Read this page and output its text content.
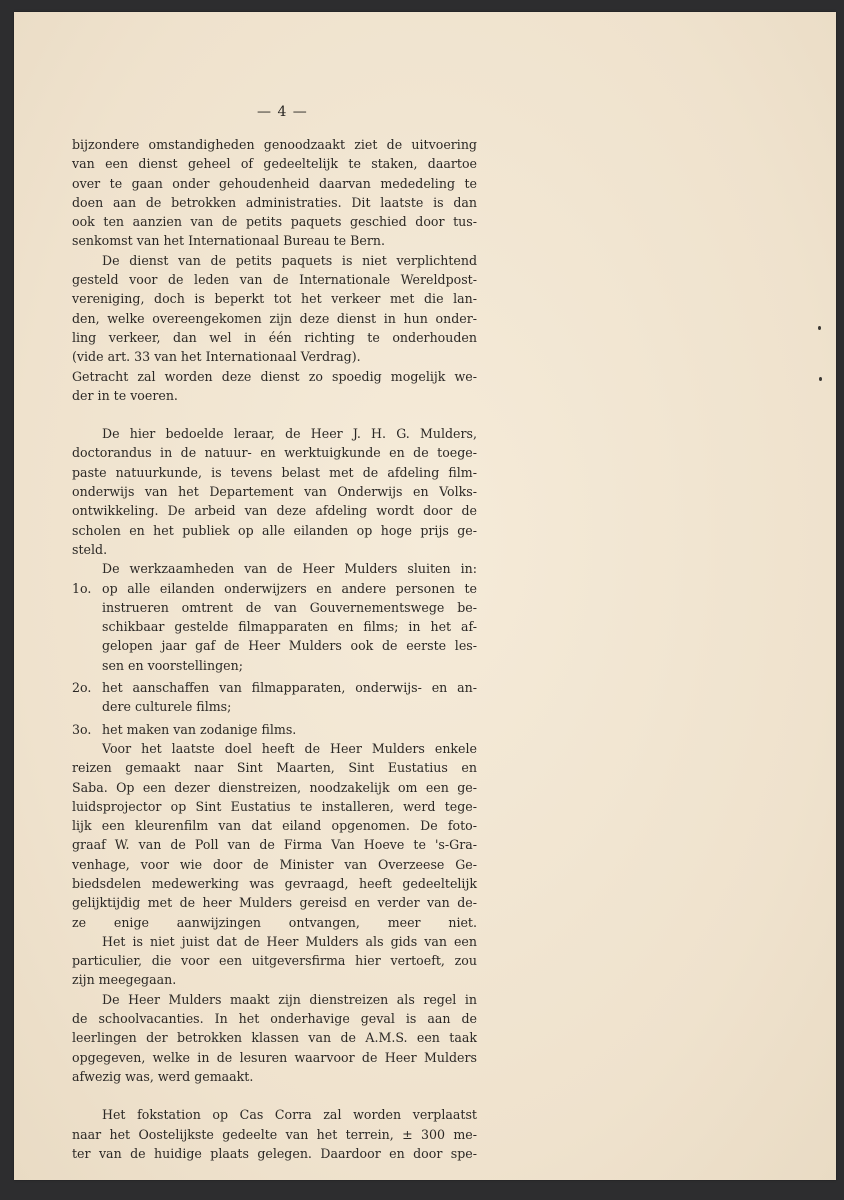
— 4 —
bijzondere omstandigheden genoodzaakt ziet de uitvoering
van een dienst geheel of gedeeltelijk te staken, daartoe
over te gaan onder gehoudenheid daarvan mededeling te
doen aan de betrokken administraties. Dit laatste is dan
ook ten aanzien van de petits paquets geschied door tus-
senkomst van het Internationaal Bureau te Bern.
De dienst van de petits paquets is niet verplichtend
gesteld voor de leden van de Internationale Wereldpost-
vereniging, doch is beperkt tot het verkeer met die lan-
den, welke overeengekomen zijn deze dienst in hun onder-
ling verkeer, dan wel in één richting te onderhouden
(vide art. 33 van het Internationaal Verdrag).
Getracht zal worden deze dienst zo spoedig mogelijk we-
der in te voeren.
De hier bedoelde leraar, de Heer J. H. G. Mulders,
doctorandus in de natuur- en werktuigkunde en de toege-
paste natuurkunde, is tevens belast met de afdeling film-
onderwijs van het Departement van Onderwijs en Volks-
ontwikkeling. De arbeid van deze afdeling wordt door de
scholen en het publiek op alle eilanden op hoge prijs ge-
steld.
De werkzaamheden van de Heer Mulders sluiten in:
1o. op alle eilanden onderwijzers en andere personen te
instrueren omtrent de van Gouvernementswege be-
schikbaar gestelde filmapparaten en films; in het af-
gelopen jaar gaf de Heer Mulders ook de eerste les-
sen en voorstellingen;
2o. het aanschaffen van filmapparaten, onderwijs- en an-
dere culturele films;
3o. het maken van zodanige films.
Voor het laatste doel heeft de Heer Mulders enkele
reizen gemaakt naar Sint Maarten, Sint Eustatius en
Saba. Op een dezer dienstreizen, noodzakelijk om een ge-
luidsprojector op Sint Eustatius te installeren, werd tege-
lijk een kleurenfilm van dat eiland opgenomen. De foto-
graaf W. van de Poll van de Firma Van Hoeve te 's-Gra-
venhage, voor wie door de Minister van Overzeese Ge-
biedsdelen medewerking was gevraagd, heeft gedeeltelijk
gelijktijdig met de heer Mulders gereisd en verder van de-
ze enige aanwijzingen ontvangen, meer niet.
Het is niet juist dat de Heer Mulders als gids van een
particulier, die voor een uitgeversfirma hier vertoeft, zou
zijn meegegaan.
De Heer Mulders maakt zijn dienstreizen als regel in
de schoolvacanties. In het onderhavige geval is aan de
leerlingen der betrokken klassen van de A.M.S. een taak
opgegeven, welke in de lesuren waarvoor de Heer Mulders
afwezig was, werd gemaakt.
Het fokstation op Cas Corra zal worden verplaatst
naar het Oostelijkste gedeelte van het terrein, ± 300 me-
ter van de huidige plaats gelegen. Daardoor en door spe-
